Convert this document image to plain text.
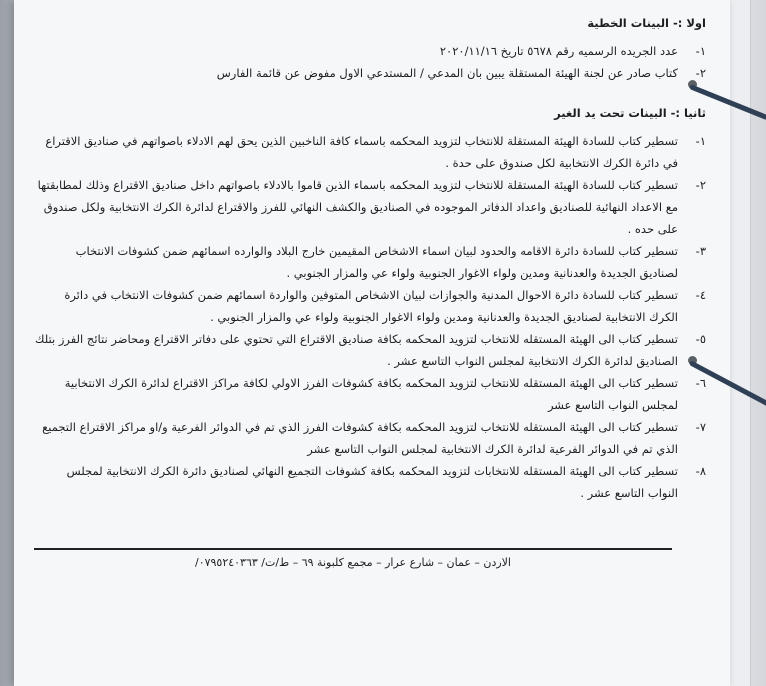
اولا :- البينات الخطية
١-
عدد الجريده الرسميه رقم ٥٦٧٨ تاريخ ٢٠٢٠/١١/١٦
٢-
كتاب صادر عن لجنة الهيئة المستقلة يبين بان المدعي / المستدعي الاول مفوض عن قائمة الفارس
ثانيا :- البينات تحت يد الغير
١-
تسطير كتاب للسادة الهيئة المستقلة للانتخاب لتزويد المحكمه باسماء كافة الناخبين الذين يحق لهم الادلاء باصواتهم في صناديق الاقتراع في دائرة الكرك الانتخابية لكل صندوق على حدة .
٢-
تسطير كتاب للسادة الهيئة المستقلة للانتخاب لتزويد المحكمه باسماء الذين قاموا بالادلاء باصواتهم داخل صناديق الاقتراع وذلك لمطابقتها مع الاعداد النهائية للصناديق واعداد الدفاتر الموجوده في الصناديق والكشف النهائي للفرز والاقتراع لدائرة الكرك الانتخابية ولكل صندوق على حده .
٣-
تسطير كتاب للسادة دائرة الاقامه والحدود لبيان اسماء الاشخاص المقيمين خارج البلاد والوارده اسمائهم ضمن كشوفات الانتخاب لصناديق الجديدة والعدنانية ومدين ولواء الاغوار الجنوبية ولواء عي والمزار الجنوبي .
٤-
تسطير كتاب للسادة دائرة الاحوال المدنية والجوازات لبيان الاشخاص المتوفين والواردة اسمائهم ضمن كشوفات الانتخاب في دائرة الكرك الانتخابية لصناديق الجديدة والعدنانية ومدين ولواء الاغوار الجنوبية ولواء عي والمزار الجنوبي .
٥-
تسطير كتاب الى الهيئة المستقله للانتخاب لتزويد المحكمه بكافة صناديق الاقتراع التي تحتوي على دفاتر الاقتراع ومحاضر نتائج الفرز بتلك الصناديق لدائرة الكرك الانتخابية لمجلس النواب التاسع عشر .
٦-
تسطير كتاب الى الهيئة المستقله للانتخاب لتزويد المحكمه بكافة كشوفات الفرز الاولي لكافة مراكز الاقتراع لدائرة الكرك الانتخابية لمجلس النواب التاسع عشر
٧-
تسطير كتاب الى الهيئة المستقله للانتخاب لتزويد المحكمه بكافة كشوفات الفرز الذي تم في الدوائر الفرعية و/او مراكز الاقتراع التجميع الذي تم في الدوائر الفرعية لدائرة الكرك الانتخابية لمجلس النواب التاسع عشر
٨-
تسطير كتاب الى الهيئة المستقله للانتخابات لتزويد المحكمه بكافة كشوفات التجميع النهائي لصناديق دائرة الكرك الانتخابية لمجلس النواب التاسع عشر .
الاردن – عمان – شارع عرار – مجمع كلبونة ٦٩ – ط/ت/ ٠٧٩٥٢٤٠٣٦٣/
